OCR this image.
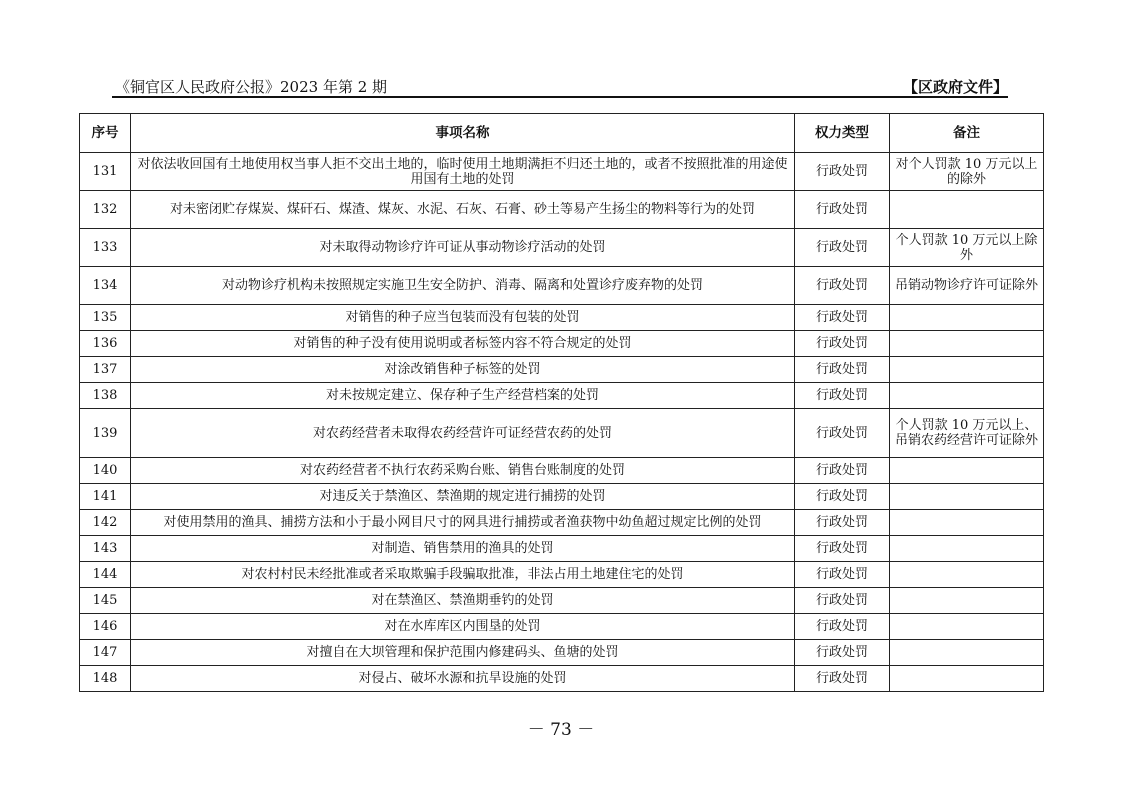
《铜官区人民政府公报》2023 年第 2 期	【区政府文件】
序号	事项名称	权力类型	备注
131	对依法收回国有土地使用权当事人拒不交出土地的，临时使用土地期满拒不归还土地的，或者不按照批准的用途使用国有土地的处罚	行政处罚	对个人罚款 10 万元以上的除外
132	对未密闭贮存煤炭、煤矸石、煤渣、煤灰、水泥、石灰、石膏、砂土等易产生扬尘的物料等行为的处罚	行政处罚	
133	对未取得动物诊疗许可证从事动物诊疗活动的处罚	行政处罚	个人罚款 10 万元以上除外
134	对动物诊疗机构未按照规定实施卫生安全防护、消毒、隔离和处置诊疗废弃物的处罚	行政处罚	吊销动物诊疗许可证除外
135	对销售的种子应当包装而没有包装的处罚	行政处罚	
136	对销售的种子没有使用说明或者标签内容不符合规定的处罚	行政处罚	
137	对涂改销售种子标签的处罚	行政处罚	
138	对未按规定建立、保存种子生产经营档案的处罚	行政处罚	
139	对农药经营者未取得农药经营许可证经营农药的处罚	行政处罚	个人罚款 10 万元以上、吊销农药经营许可证除外
140	对农药经营者不执行农药采购台账、销售台账制度的处罚	行政处罚	
141	对违反关于禁渔区、禁渔期的规定进行捕捞的处罚	行政处罚	
142	对使用禁用的渔具、捕捞方法和小于最小网目尺寸的网具进行捕捞或者渔获物中幼鱼超过规定比例的处罚	行政处罚	
143	对制造、销售禁用的渔具的处罚	行政处罚	
144	对农村村民未经批准或者采取欺骗手段骗取批准，非法占用土地建住宅的处罚	行政处罚	
145	对在禁渔区、禁渔期垂钓的处罚	行政处罚	
146	对在水库库区内围垦的处罚	行政处罚	
147	对擅自在大坝管理和保护范围内修建码头、鱼塘的处罚	行政处罚	
148	对侵占、破坏水源和抗旱设施的处罚	行政处罚	
－ 73 －
